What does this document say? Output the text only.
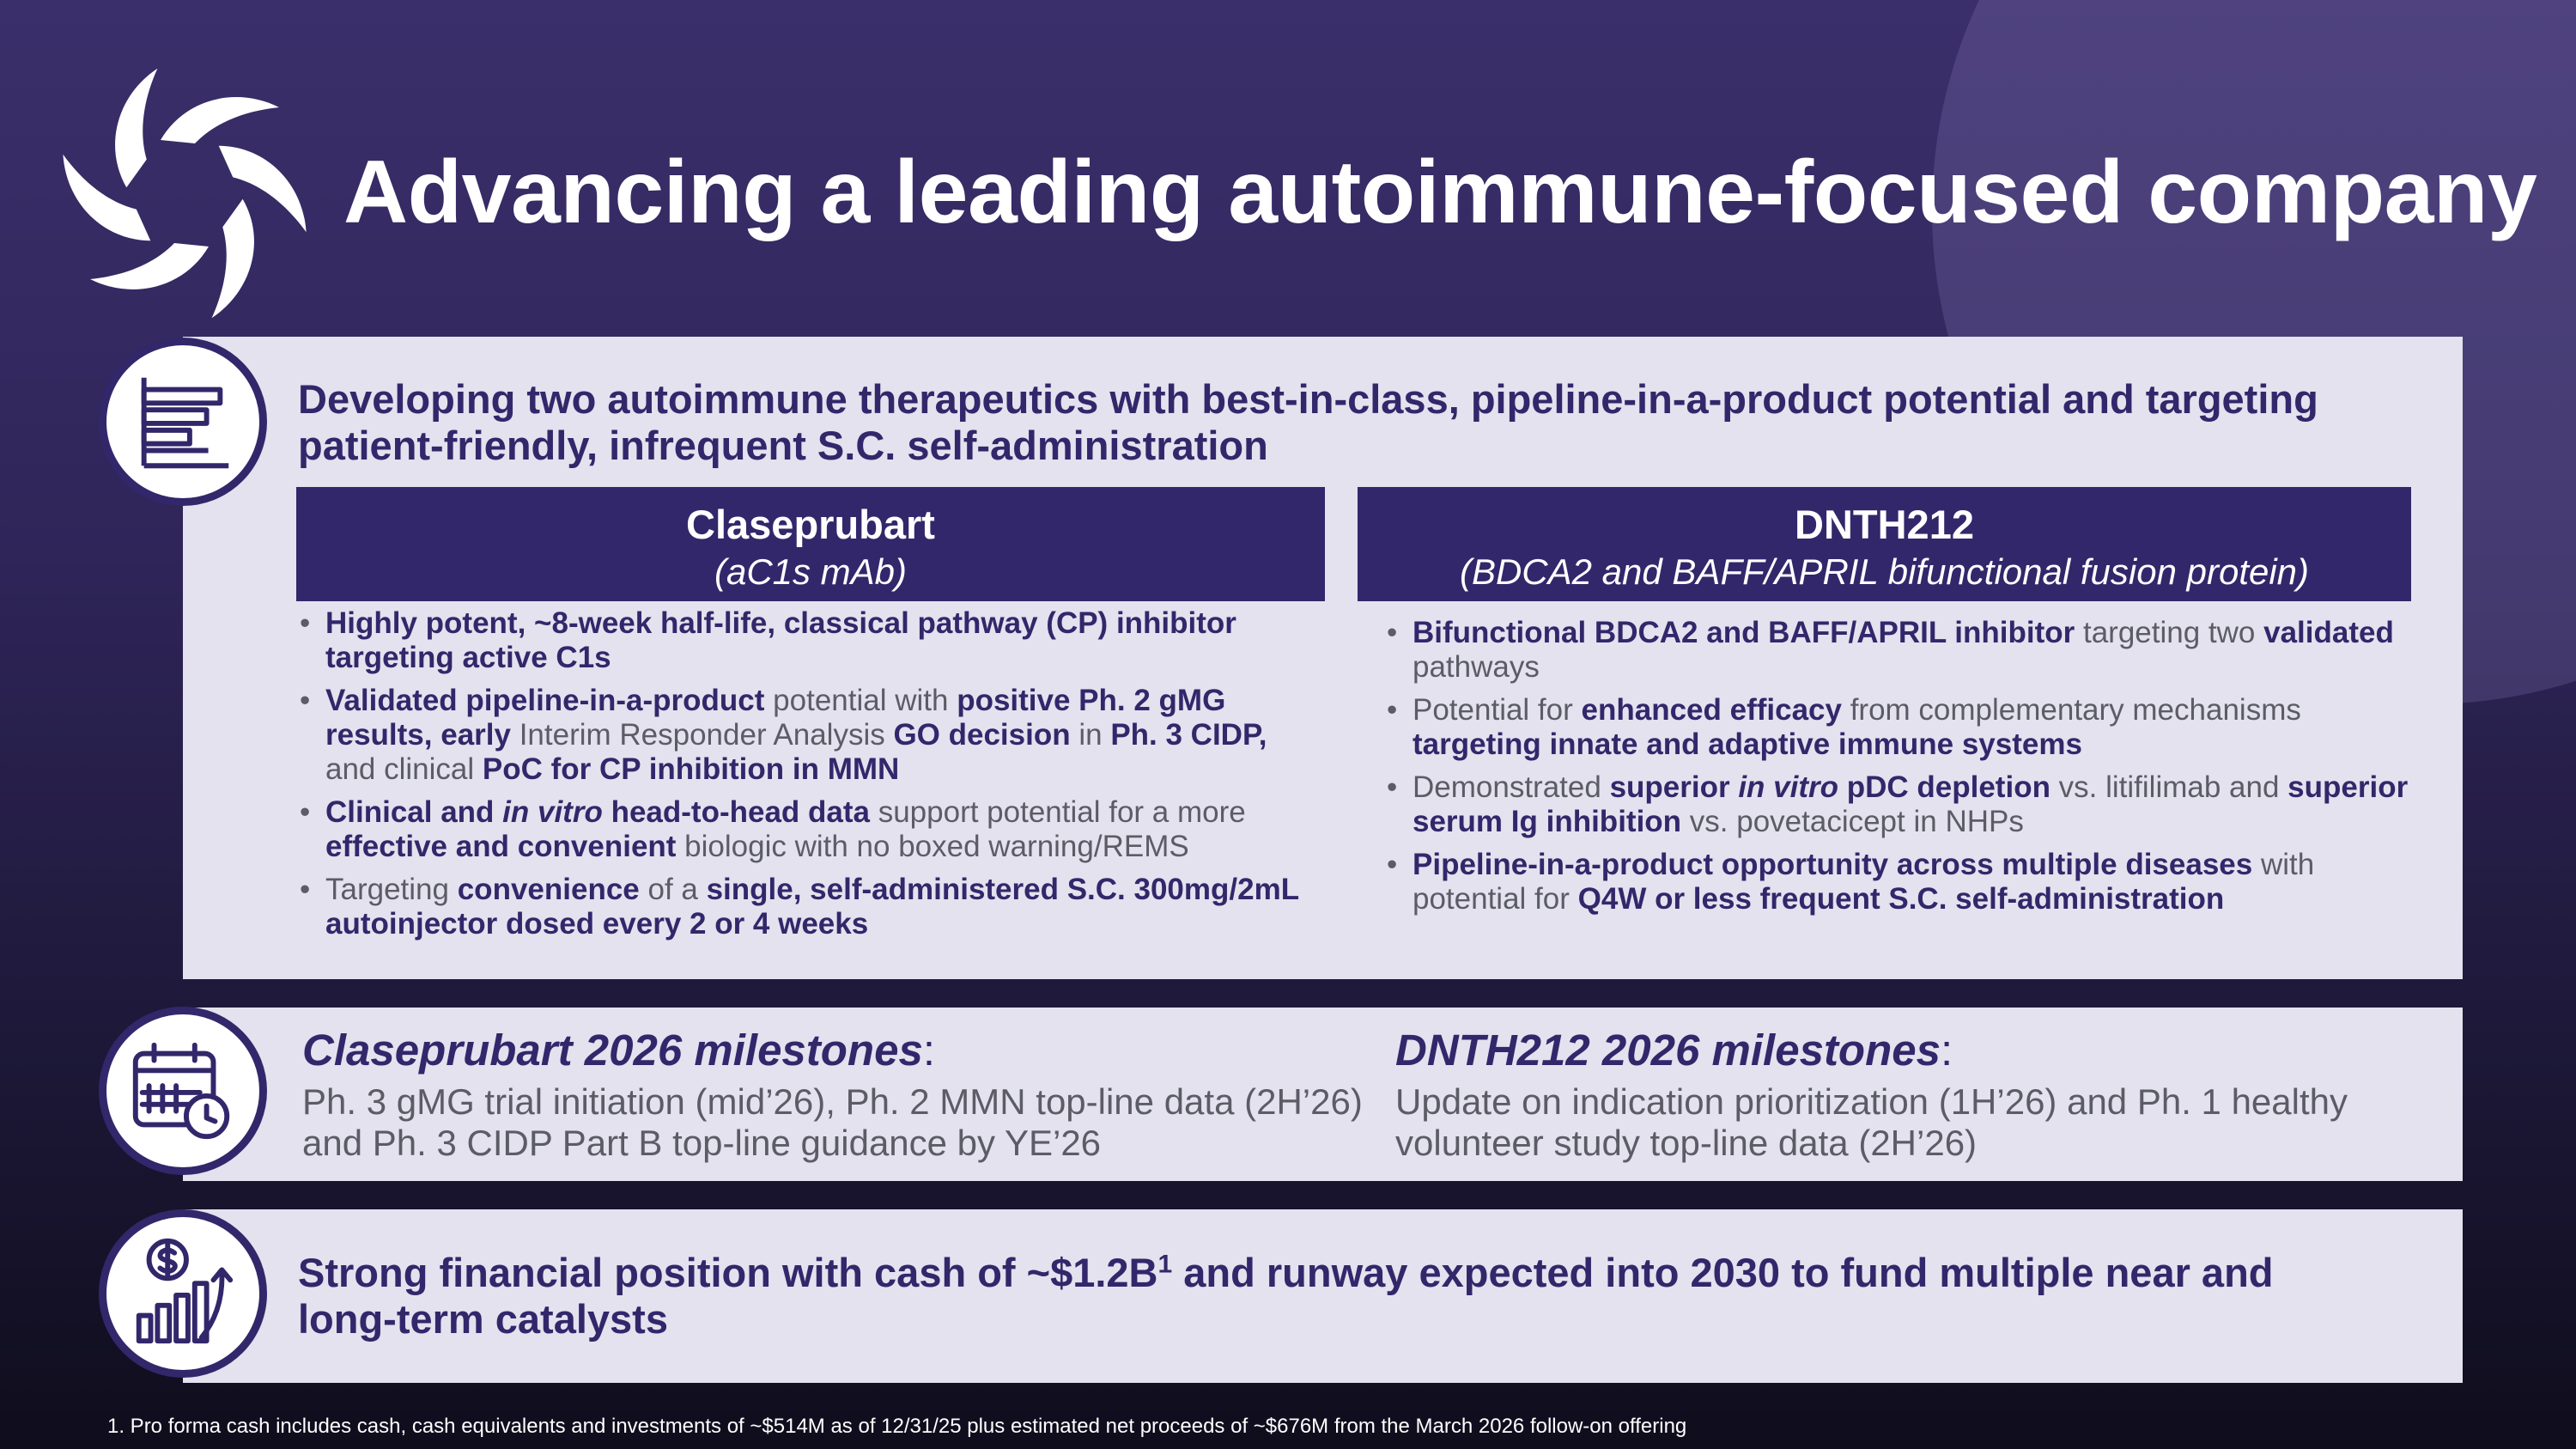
Advancing a leading autoimmune-focused company

Developing two autoimmune therapeutics with best-in-class, pipeline-in-a-product potential and targeting patient-friendly, infrequent S.C. self-administration

Claseprubart
(aC1s mAb)
DNTH212
(BDCA2 and BAFF/APRIL bifunctional fusion protein)
• Highly potent, ~8-week half-life, classical pathway (CP) inhibitor targeting active C1s
• Validated pipeline-in-a-product potential with positive Ph. 2 gMG results, early Interim Responder Analysis GO decision in Ph. 3 CIDP, and clinical PoC for CP inhibition in MMN
• Clinical and in vitro head-to-head data support potential for a more effective and convenient biologic with no boxed warning/REMS
• Targeting convenience of a single, self-administered S.C. 300mg/2mL autoinjector dosed every 2 or 4 weeks
• Bifunctional BDCA2 and BAFF/APRIL inhibitor targeting two validated pathways
• Potential for enhanced efficacy from complementary mechanisms targeting innate and adaptive immune systems
• Demonstrated superior in vitro pDC depletion vs. litifilimab and superior serum Ig inhibition vs. povetacicept in NHPs
• Pipeline-in-a-product opportunity across multiple diseases with potential for Q4W or less frequent S.C. self-administration

Claseprubart 2026 milestones:

Ph. 3 gMG trial initiation (mid’26), Ph. 2 MMN top-line data (2H’26) and Ph. 3 CIDP Part B top-line guidance by YE’26

DNTH212 2026 milestones:

Update on indication prioritization (1H’26) and Ph. 1 healthy volunteer study top-line data (2H’26)

Strong financial position with cash of $\sim\$1.2B^1$ and runway expected into 2030 to fund multiple near and long-term catalysts

1. Pro forma cash includes cash, cash equivalents and investments of ~$514M as of 12/31/25 plus estimated net proceeds of ~$676M from the March 2026 follow-on offering
